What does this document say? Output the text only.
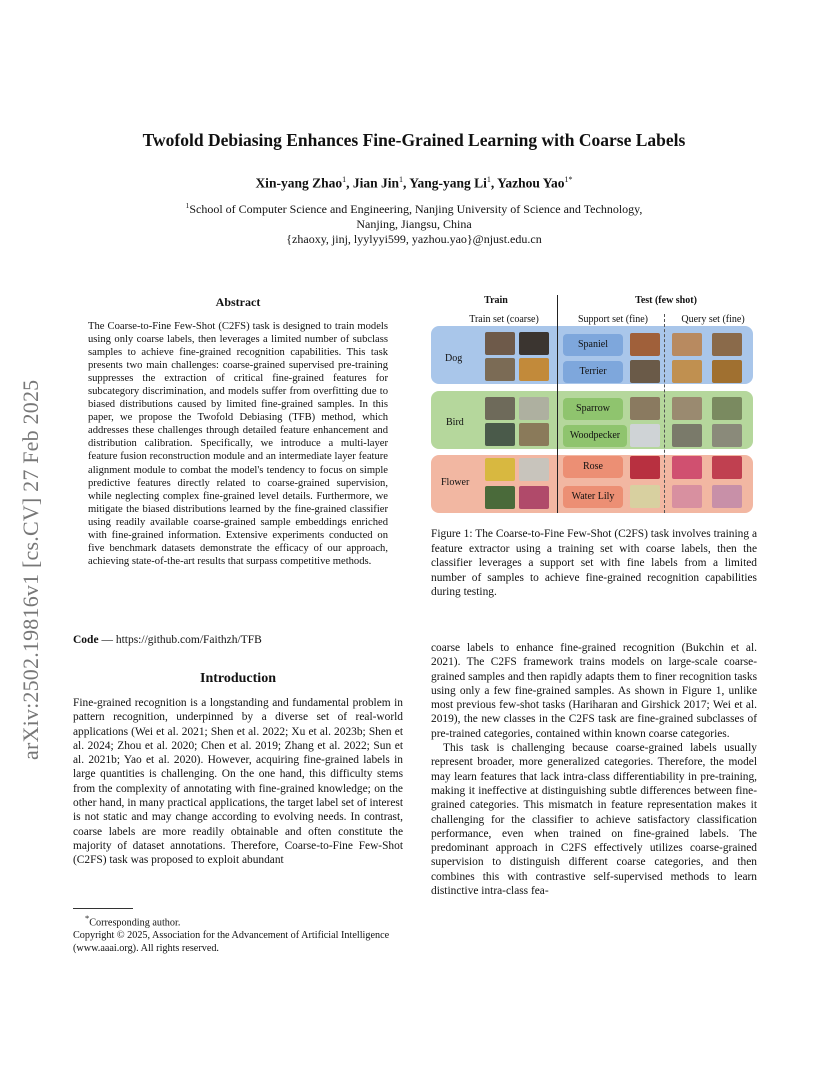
Twofold Debiasing Enhances Fine-Grained Learning with Coarse Labels
Xin-yang Zhao$^1$, Jian Jin$^1$, Yang-yang Li$^1$, Yazhou Yao$^{1*}$
$^1$School of Computer Science and Engineering, Nanjing University of Science and Technology,
Nanjing, Jiangsu, China
{zhaoxy, jinj, lyylyyi599, yazhou.yao}@njust.edu.cn
arXiv:2502.19816v1 [cs.CV] 27 Feb 2025
Abstract
The Coarse-to-Fine Few-Shot (C2FS) task is designed to train models using only coarse labels, then leverages a limited number of subclass samples to achieve fine-grained recognition capabilities. This task presents two main challenges: coarse-grained supervised pre-training suppresses the extraction of critical fine-grained features for subcategory discrimination, and models suffer from overfitting due to biased distributions caused by limited fine-grained samples. In this paper, we propose the Twofold Debiasing (TFB) method, which addresses these challenges through detailed feature enhancement and distribution calibration. Specifically, we introduce a multi-layer feature fusion reconstruction module and an intermediate layer feature alignment module to combat the model's tendency to focus on simple predictive features directly related to coarse-grained supervision, while neglecting complex fine-grained level details. Furthermore, we mitigate the biased distributions learned by the fine-grained classifier using readily available coarse-grained sample embeddings enriched with fine-grained information. Extensive experiments conducted on five benchmark datasets demonstrate the efficacy of our approach, achieving state-of-the-art results that surpass competitive methods.
Code — https://github.com/Faithzh/TFB
Introduction

Fine-grained recognition is a longstanding and fundamental problem in pattern recognition, underpinned by a diverse set of real-world applications (Wei et al. 2021; Shen et al. 2022; Xu et al. 2023b; Shen et al. 2024; Zhou et al. 2020; Chen et al. 2019; Zhang et al. 2022; Sun et al. 2021b; Yao et al. 2020). However, acquiring fine-grained labels in large quantities is challenging. On the one hand, this difficulty stems from the complexity of annotating with fine-grained knowledge; on the other hand, in many practical applications, the target label set of interest is not static and may change according to evolving needs. In contrast, coarse labels are more readily obtainable and often constitute the majority of dataset annotations. Therefore, Coarse-to-Fine Few-Shot (C2FS) task was proposed to exploit abundant

*Corresponding author.
Copyright © 2025, Association for the Advancement of Artificial Intelligence (www.aaai.org). All rights reserved.
Train	Test (few shot)
Train set (coarse)	Support set (fine)	Query set (fine)
Dog
Bird
Flower
Spaniel
Terrier
Sparrow
Woodpecker
Rose
Water Lily
Figure 1: The Coarse-to-Fine Few-Shot (C2FS) task involves training a feature extractor using a training set with coarse labels, then the classifier leverages a support set with fine labels from a limited number of samples to achieve fine-grained recognition capabilities during testing.

coarse labels to enhance fine-grained recognition (Bukchin et al. 2021). The C2FS framework trains models on large-scale coarse-grained samples and then rapidly adapts them to finer recognition tasks using only a few fine-grained samples. As shown in Figure 1, unlike most previous few-shot tasks (Hariharan and Girshick 2017; Wei et al. 2019), the new classes in the C2FS task are fine-grained subclasses of pre-trained categories, contained within known coarse categories.

This task is challenging because coarse-grained labels usually represent broader, more generalized categories. Therefore, the model may learn features that lack intra-class differentiability in pre-training, making it ineffective at distinguishing subtle differences between fine-grained categories. This mismatch in feature representation makes it challenging for the classifier to achieve satisfactory classification performance, even when trained on fine-grained labels. The predominant approach in C2FS effectively utilizes coarse-grained supervision to distinguish different coarse categories, and then combines this with contrastive self-supervised methods to learn distinctive intra-class fea-
